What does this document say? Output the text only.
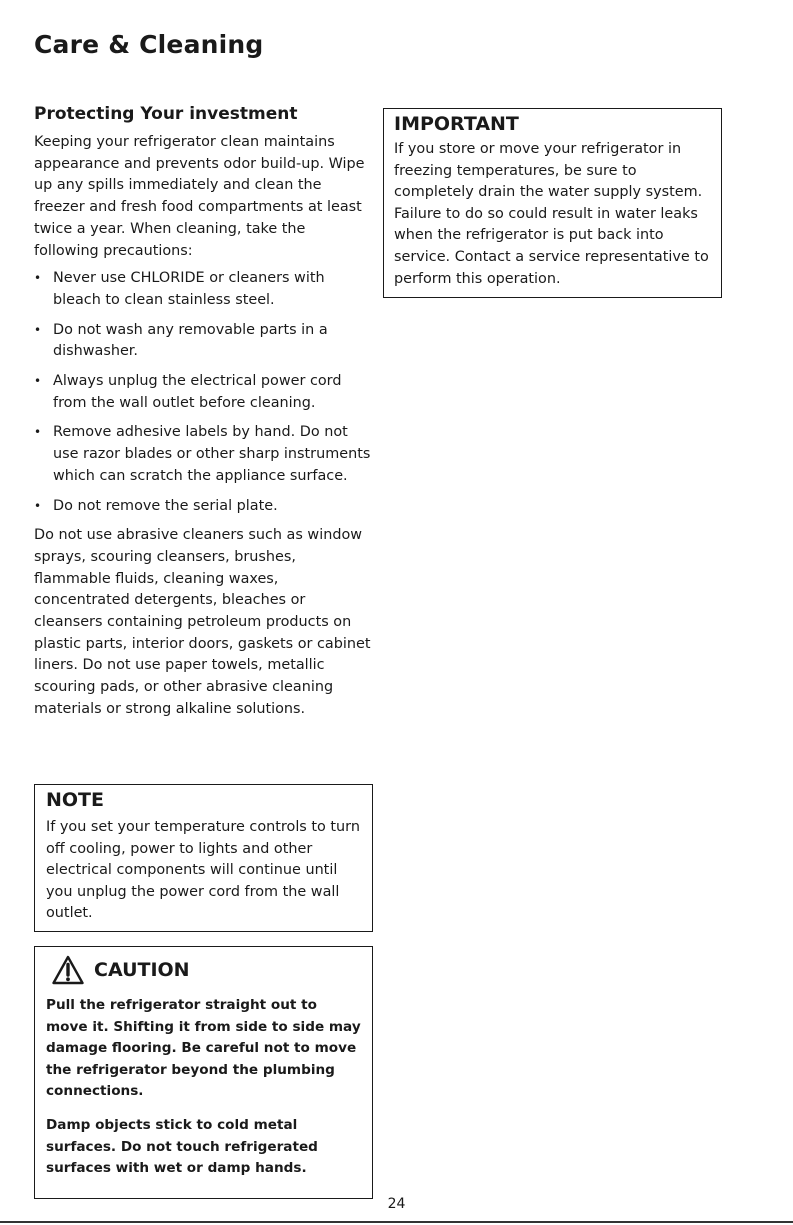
Care & Cleaning
Protecting Your investment

Keeping your refrigerator clean maintains appearance and prevents odor build-up. Wipe up any spills immediately and clean the freezer and fresh food compartments at least twice a year. When cleaning, take the following precautions:

• Never use CHLORIDE or cleaners with bleach to clean stainless steel.
• Do not wash any removable parts in a dishwasher.
• Always unplug the electrical power cord from the wall outlet before cleaning.
• Remove adhesive labels by hand. Do not use razor blades or other sharp instruments which can scratch the appliance surface.
• Do not remove the serial plate.

Do not use abrasive cleaners such as window sprays, scouring cleansers, brushes, flammable fluids, cleaning waxes, concentrated detergents, bleaches or cleansers containing petroleum products on plastic parts, interior doors, gaskets or cabinet liners. Do not use paper towels, metallic scouring pads, or other abrasive cleaning materials or strong alkaline solutions.

IMPORTANT

If you store or move your refrigerator in freezing temperatures, be sure to completely drain the water supply system. Failure to do so could result in water leaks when the refrigerator is put back into service. Contact a service representative to perform this operation.

NOTE

If you set your temperature controls to turn off cooling, power to lights and other electrical components will continue until you unplug the power cord from the wall outlet.

CAUTION

Pull the refrigerator straight out to move it. Shifting it from side to side may damage flooring. Be careful not to move the refrigerator beyond the plumbing connections.

Damp objects stick to cold metal surfaces. Do not touch refrigerated surfaces with wet or damp hands.

24
